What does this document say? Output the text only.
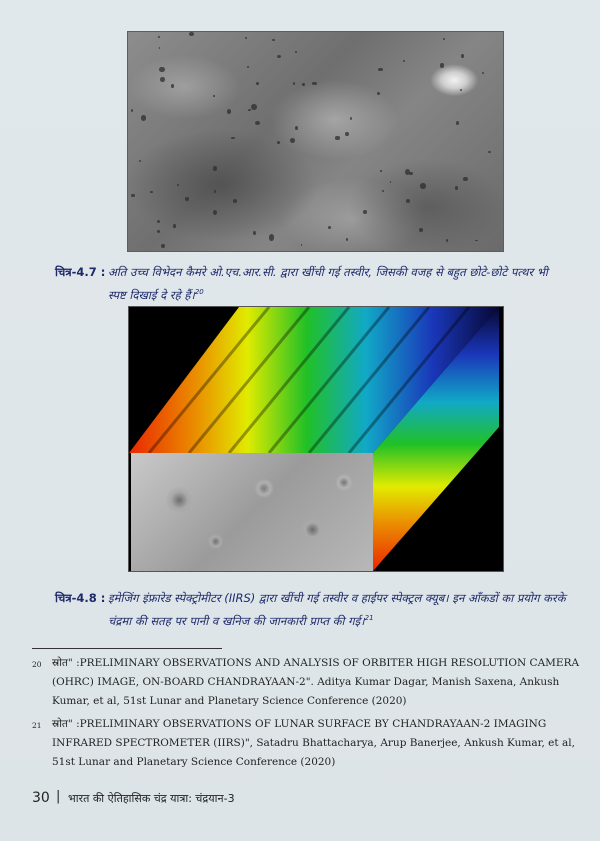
चित्र-4.7 : अति उच्च विभेदन कैमरे ओ.एच.आर.सी. द्वारा खींची गई तस्वीर, जिसकी वजह से बहुत छोटे-छोटे पत्थर भी स्पष्ट दिखाई दे रहे हैं।$^{20}$
चित्र-4.8 : इमेजिंग इंफ्रारेड स्पेक्ट्रोमीटर (IIRS) द्वारा खींची गई तस्वीर व हाईपर स्पेक्ट्रल क्यूब। इन आँकडों का प्रयोग करके चंद्रमा की सतह पर पानी व खनिज की जानकारी प्राप्त की गई।$^{21}$
20 स्रोत" :PRELIMINARY OBSERVATIONS AND ANALYSIS OF ORBITER HIGH RESOLUTION CAMERA (OHRC) IMAGE, ON-BOARD CHANDRAYAAN-2". Aditya Kumar Dagar, Manish Saxena, Ankush Kumar, et al, 51st Lunar and Planetary Science Conference (2020)
21 स्रोत" :PRELIMINARY OBSERVATIONS OF LUNAR SURFACE BY CHANDRAYAAN-2 IMAGING INFRARED SPECTROMETER (IIRS)", Satadru Bhattacharya, Arup Banerjee, Ankush Kumar, et al, 51st Lunar and Planetary Science Conference (2020)
30 | भारत की ऐतिहासिक चंद्र यात्रा: चंद्रयान-3
